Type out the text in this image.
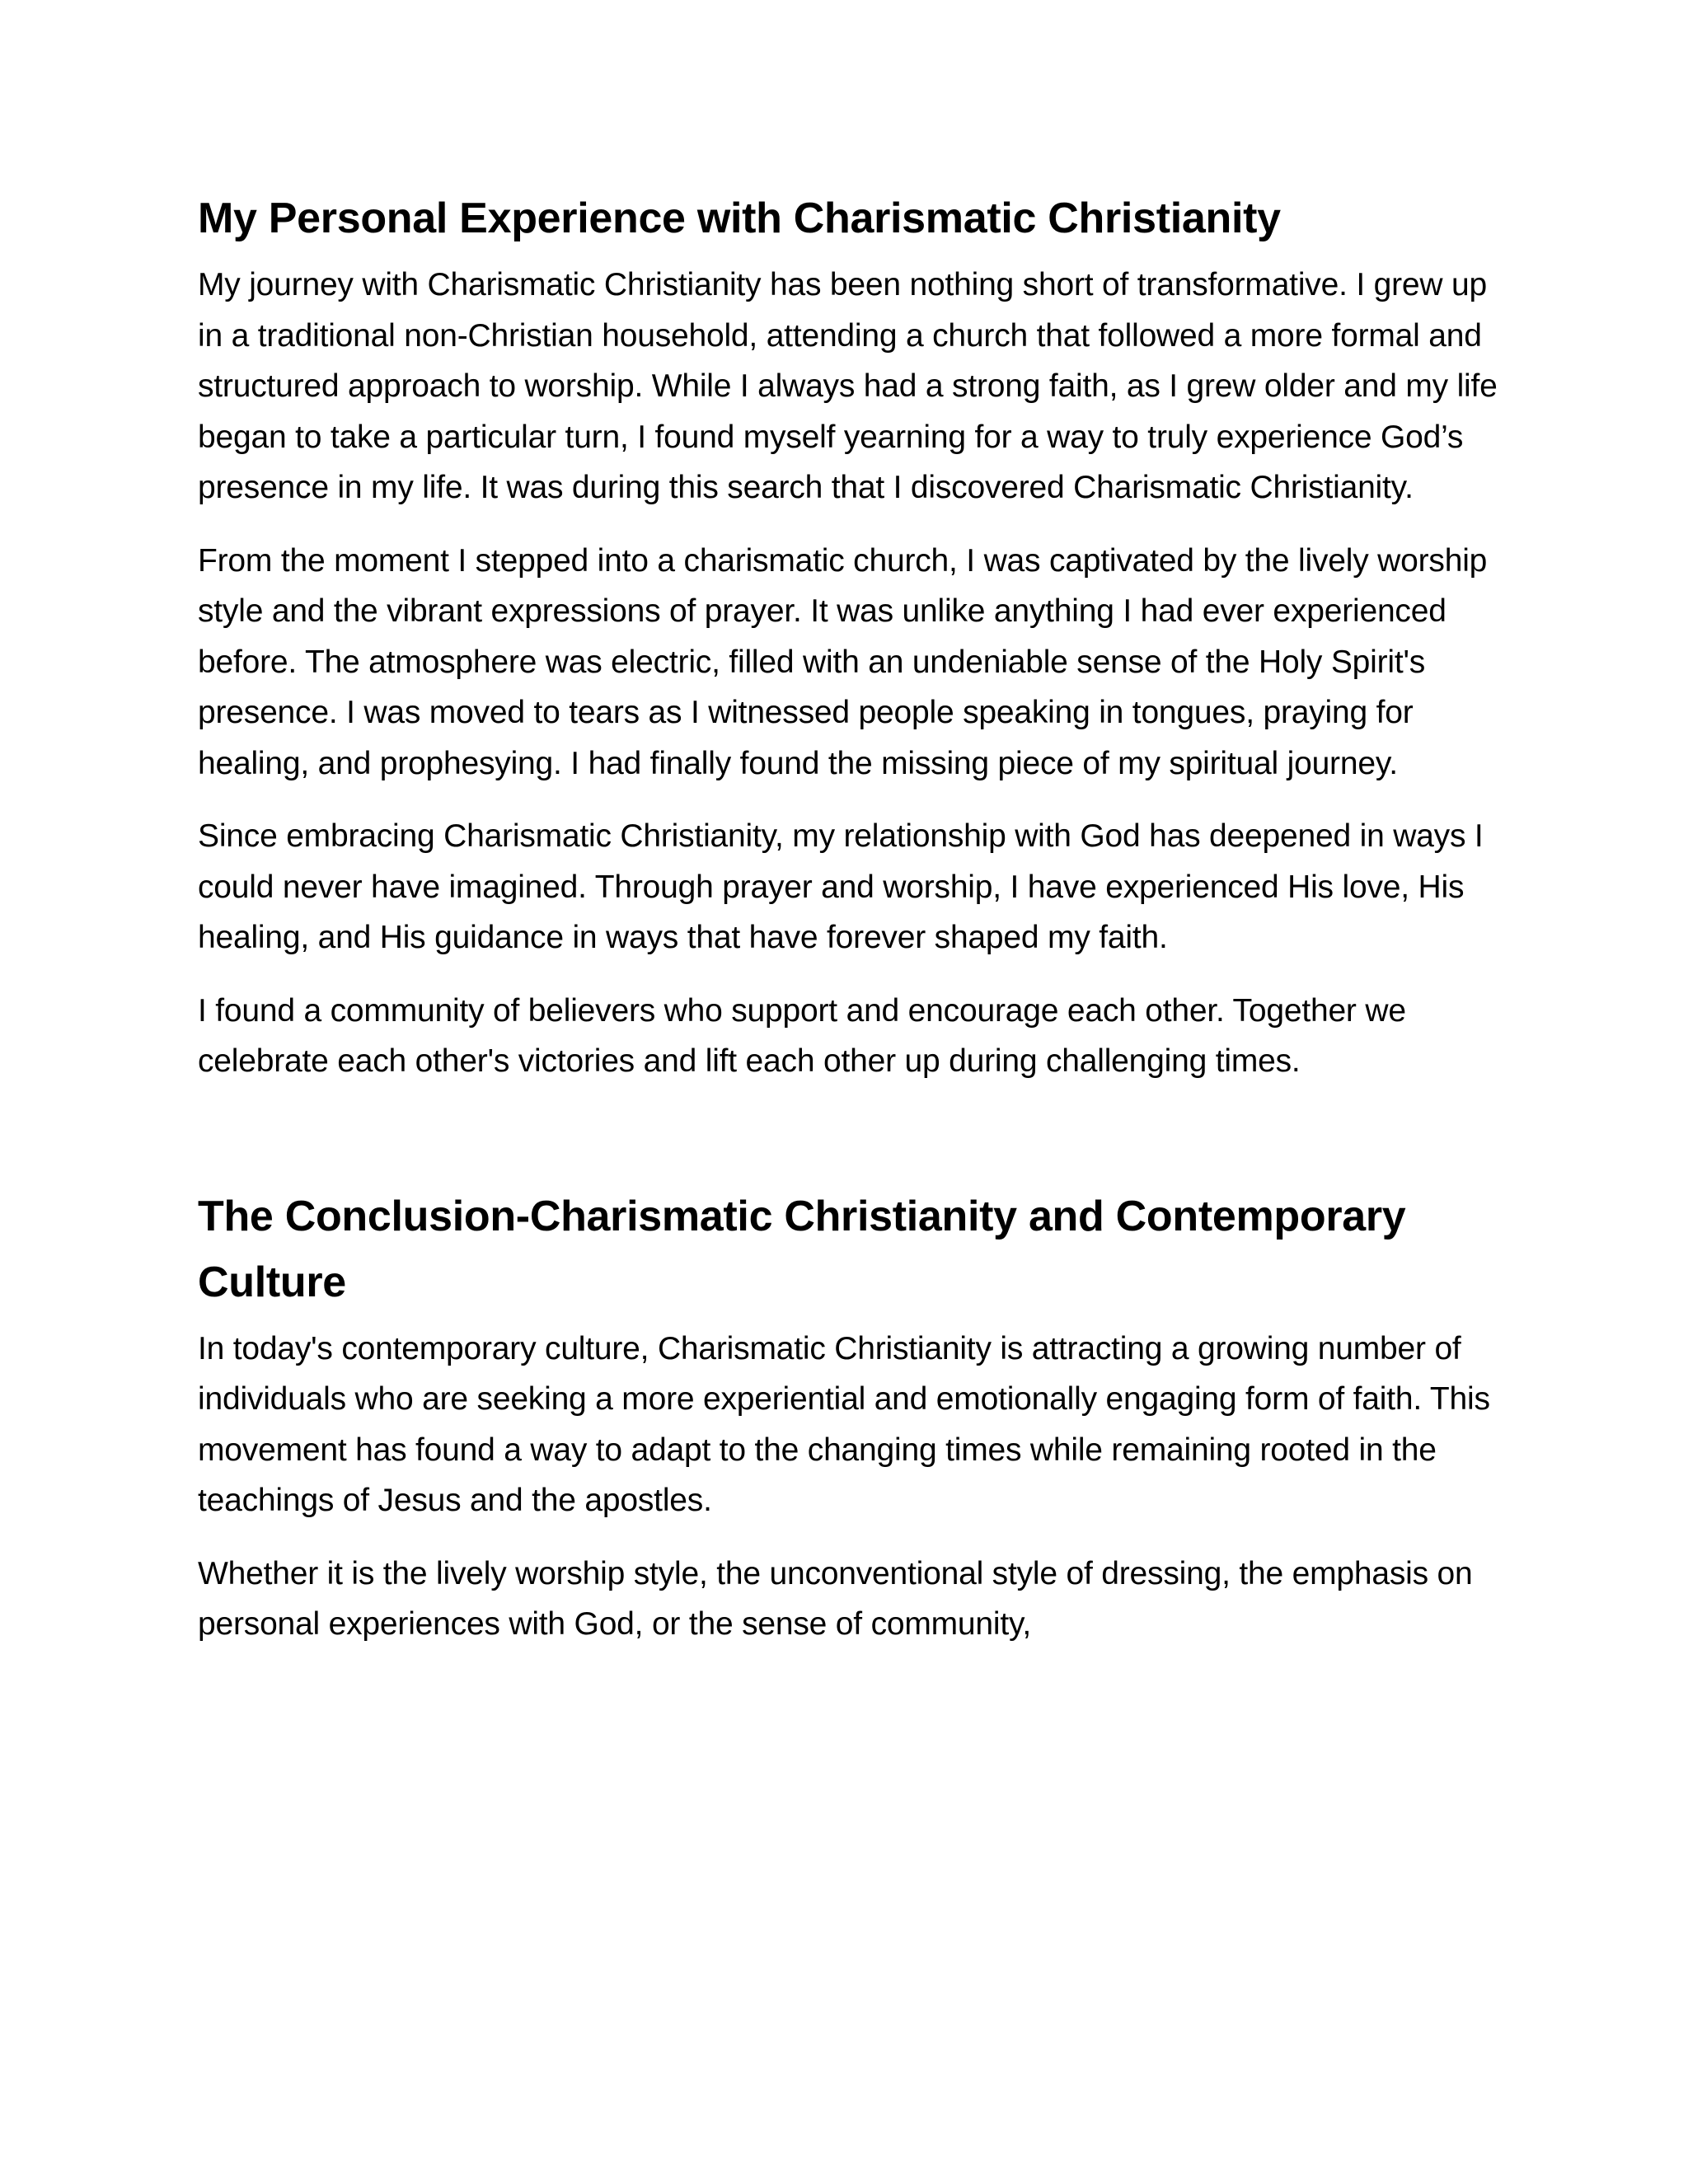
My Personal Experience with Charismatic Christianity

My journey with Charismatic Christianity has been nothing short of transformative. I grew up in a traditional non-Christian household, attending a church that followed a more formal and structured approach to worship. While I always had a strong faith, as I grew older and my life began to take a particular turn, I found myself yearning for a way to truly experience God’s presence in my life. It was during this search that I discovered Charismatic Christianity.

From the moment I stepped into a charismatic church, I was captivated by the lively worship style and the vibrant expressions of prayer. It was unlike anything I had ever experienced before. The atmosphere was electric, filled with an undeniable sense of the Holy Spirit's presence. I was moved to tears as I witnessed people speaking in tongues, praying for healing, and prophesying. I had finally found the missing piece of my spiritual journey.

Since embracing Charismatic Christianity, my relationship with God has deepened in ways I could never have imagined. Through prayer and worship, I have experienced His love, His healing, and His guidance in ways that have forever shaped my faith.

I found a community of believers who support and encourage each other. Together we celebrate each other's victories and lift each other up during challenging times.

The Conclusion-Charismatic Christianity and Contemporary Culture

In today's contemporary culture, Charismatic Christianity is attracting a growing number of individuals who are seeking a more experiential and emotionally engaging form of faith. This movement has found a way to adapt to the changing times while remaining rooted in the teachings of Jesus and the apostles.

Whether it is the lively worship style, the unconventional style of dressing, the emphasis on personal experiences with God, or the sense of community,
